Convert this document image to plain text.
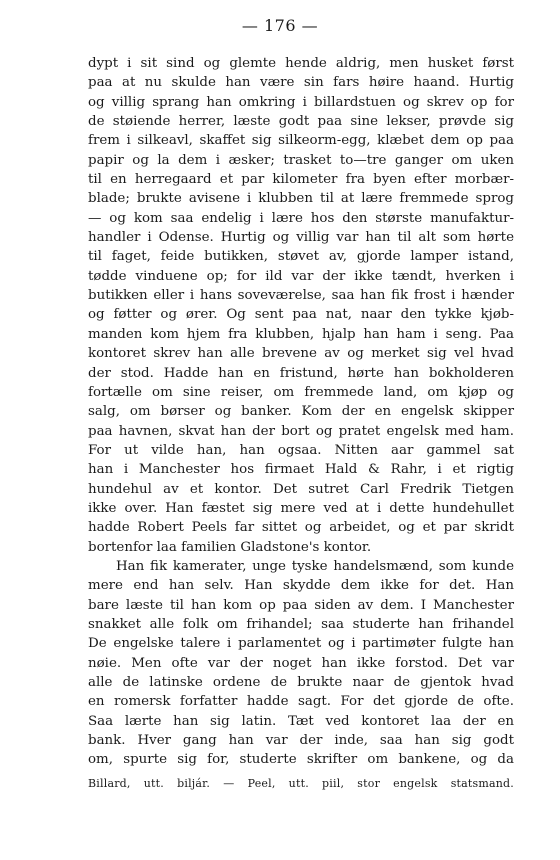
— 176 —
dypt i sit sind og glemte hende aldrig, men husket først
paa at nu skulde han være sin fars høire haand. Hurtig
og villig sprang han omkring i billardstuen og skrev op for
de støiende herrer, læste godt paa sine lekser, prøvde sig
frem i silkeavl, skaffet sig silkeorm-egg, klæbet dem op paa
papir og la dem i æsker; trasket to—tre ganger om uken
til en herregaard et par kilometer fra byen efter morbær-
blade; brukte avisene i klubben til at lære fremmede sprog
— og kom saa endelig i lære hos den største manufaktur-
handler i Odense. Hurtig og villig var han til alt som hørte
til faget, feide butikken, støvet av, gjorde lamper istand,
tødde vinduene op; for ild var der ikke tændt, hverken i
butikken eller i hans soveværelse, saa han fik frost i hænder
og føtter og ører. Og sent paa nat, naar den tykke kjøb-
manden kom hjem fra klubben, hjalp han ham i seng. Paa
kontoret skrev han alle brevene av og merket sig vel hvad
der stod. Hadde han en fristund, hørte han bokholderen
fortælle om sine reiser, om fremmede land, om kjøp og
salg, om børser og banker. Kom der en engelsk skipper
paa havnen, skvat han der bort og pratet engelsk med ham.
For ut vilde han, han ogsaa. Nitten aar gammel sat
han i Manchester hos firmaet Hald & Rahr, i et rigtig
hundehul av et kontor. Det sutret Carl Fredrik Tietgen
ikke over. Han fæstet sig mere ved at i dette hundehullet
hadde Robert Peels far sittet og arbeidet, og et par skridt
bortenfor laa familien Gladstone's kontor.
Han fik kamerater, unge tyske handelsmænd, som kunde
mere end han selv. Han skydde dem ikke for det. Han
bare læste til han kom op paa siden av dem. I Manchester
snakket alle folk om frihandel; saa studerte han frihandel
De engelske talere i parlamentet og i partimøter fulgte han
nøie. Men ofte var der noget han ikke forstod. Det var
alle de latinske ordene de brukte naar de gjentok hvad
en romersk forfatter hadde sagt. For det gjorde de ofte.
Saa lærte han sig latin. Tæt ved kontoret laa der en
bank. Hver gang han var der inde, saa han sig godt
om, spurte sig for, studerte skrifter om bankene, og da
Billard, utt. biljár. — Peel, utt. piil, stor engelsk statsmand.
